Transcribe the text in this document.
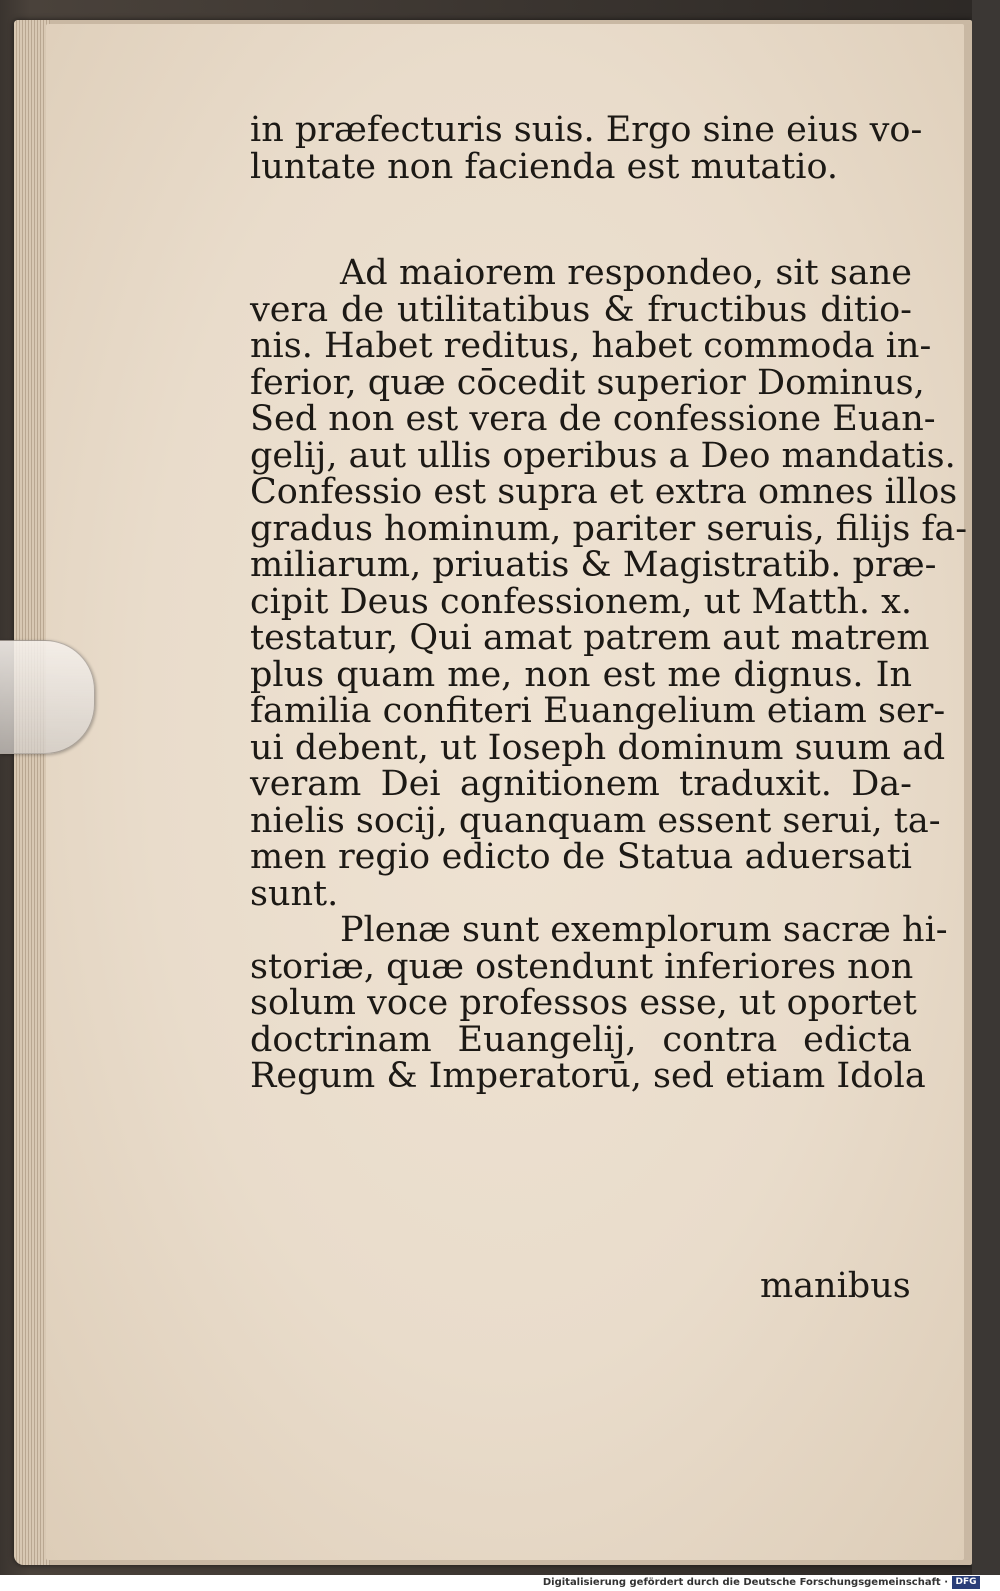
in præfecturis suis. Ergo sine eius vo-
luntate non facienda est mutatio.
Ad maiorem respondeo, sit sane
vera de utilitatibus & fructibus ditio-
nis. Habet reditus, habet commoda in-
ferior, quæ cōcedit superior Dominus,
Sed non est vera de confessione Euan-
gelij, aut ullis operibus a Deo mandatis.
Confessio est supra et extra omnes illos
gradus hominum, pariter seruis, filijs fa-
miliarum, priuatis & Magistratib. præ-
cipit Deus confessionem, ut Matth. x.
testatur, Qui amat patrem aut matrem
plus quam me, non est me dignus. In
familia confiteri Euangelium etiam ser-
ui debent, ut Ioseph dominum suum ad
veram Dei agnitionem traduxit. Da-
nielis socij, quanquam essent serui, ta-
men regio edicto de Statua aduersati
sunt.
Plenæ sunt exemplorum sacræ hi-
storiæ, quæ ostendunt inferiores non
solum voce professos esse, ut oportet
doctrinam Euangelij, contra edicta
Regum & Imperatorū, sed etiam Idola
manibus
Digitalisierung gefördert durch die Deutsche Forschungsgemeinschaft · DFG
